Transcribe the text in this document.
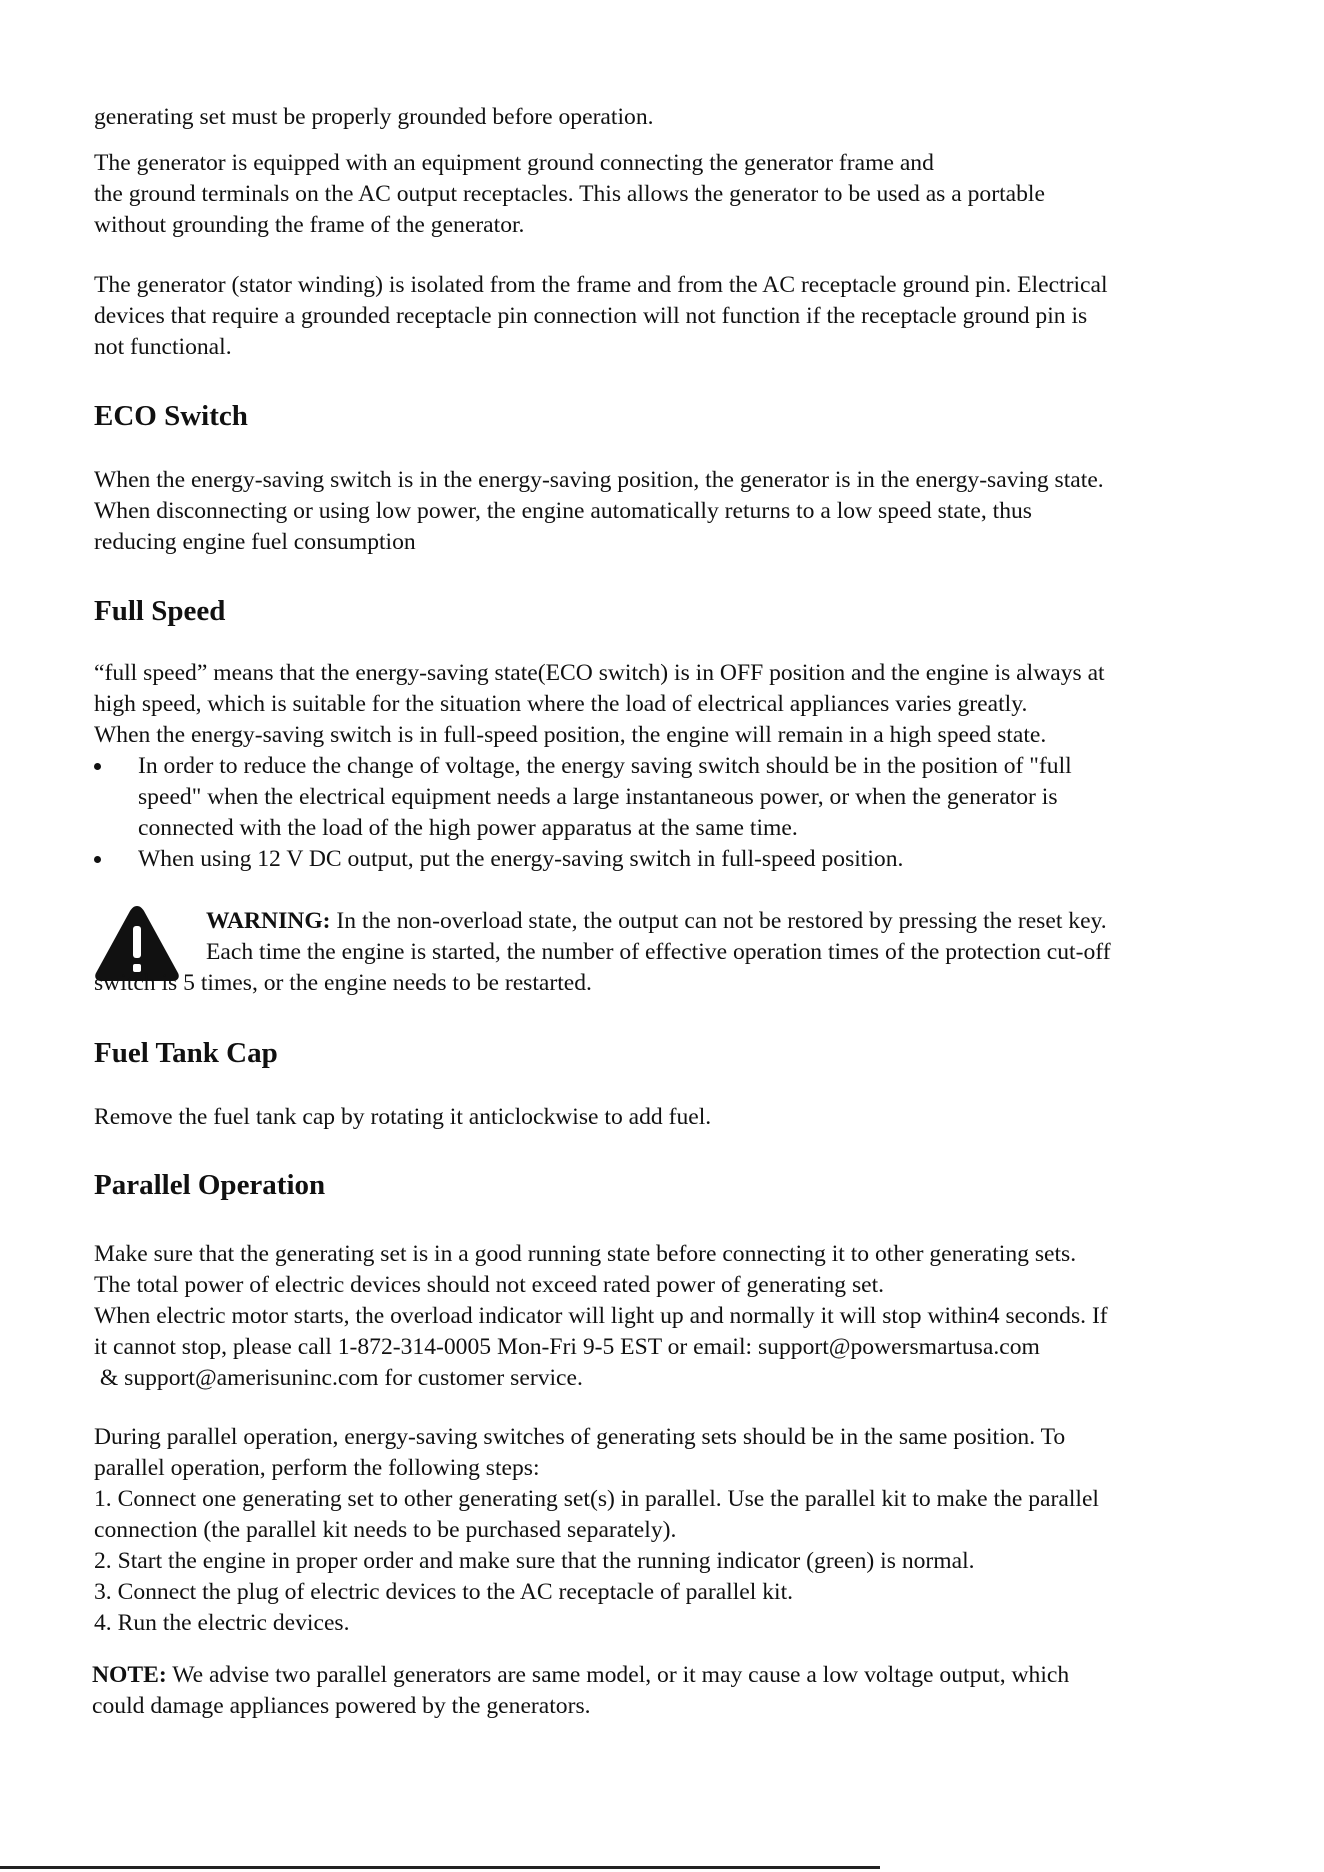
generating set must be properly grounded before operation.

The generator is equipped with an equipment ground connecting the generator frame and
the ground terminals on the AC output receptacles. This allows the generator to be used as a portable
without grounding the frame of the generator.

The generator (stator winding) is isolated from the frame and from the AC receptacle ground pin. Electrical
devices that require a grounded receptacle pin connection will not function if the receptacle ground pin is
not functional.

ECO Switch

When the energy-saving switch is in the energy-saving position, the generator is in the energy-saving state.
When disconnecting or using low power, the engine automatically returns to a low speed state, thus
reducing engine fuel consumption

Full Speed

“full speed” means that the energy-saving state(ECO switch) is in OFF position and the engine is always at
high speed, which is suitable for the situation where the load of electrical appliances varies greatly.
When the energy-saving switch is in full-speed position, the engine will remain in a high speed state.

In order to reduce the change of voltage, the energy saving switch should be in the position of "full
speed" when the electrical equipment needs a large instantaneous power, or when the generator is
connected with the load of the high power apparatus at the same time.
When using 12 V DC output, put the energy-saving switch in full-speed position.

WARNING: In the non-overload state, the output can not be restored by pressing the reset key.

Each time the engine is started, the number of effective operation times of the protection cut-off

switch is 5 times, or the engine needs to be restarted.

Fuel Tank Cap

Remove the fuel tank cap by rotating it anticlockwise to add fuel.

Parallel Operation

Make sure that the generating set is in a good running state before connecting it to other generating sets.
The total power of electric devices should not exceed rated power of generating set.
When electric motor starts, the overload indicator will light up and normally it will stop within4 seconds. If
it cannot stop, please call 1-872-314-0005 Mon-Fri 9-5 EST or email: support@powersmartusa.com
& support@amerisuninc.com for customer service.

During parallel operation, energy-saving switches of generating sets should be in the same position. To
parallel operation, perform the following steps:
1. Connect one generating set to other generating set(s) in parallel. Use the parallel kit to make the parallel
connection (the parallel kit needs to be purchased separately).
2. Start the engine in proper order and make sure that the running indicator (green) is normal.
3. Connect the plug of electric devices to the AC receptacle of parallel kit.
4. Run the electric devices.

NOTE: We advise two parallel generators are same model, or it may cause a low voltage output, which
could damage appliances powered by the generators.
